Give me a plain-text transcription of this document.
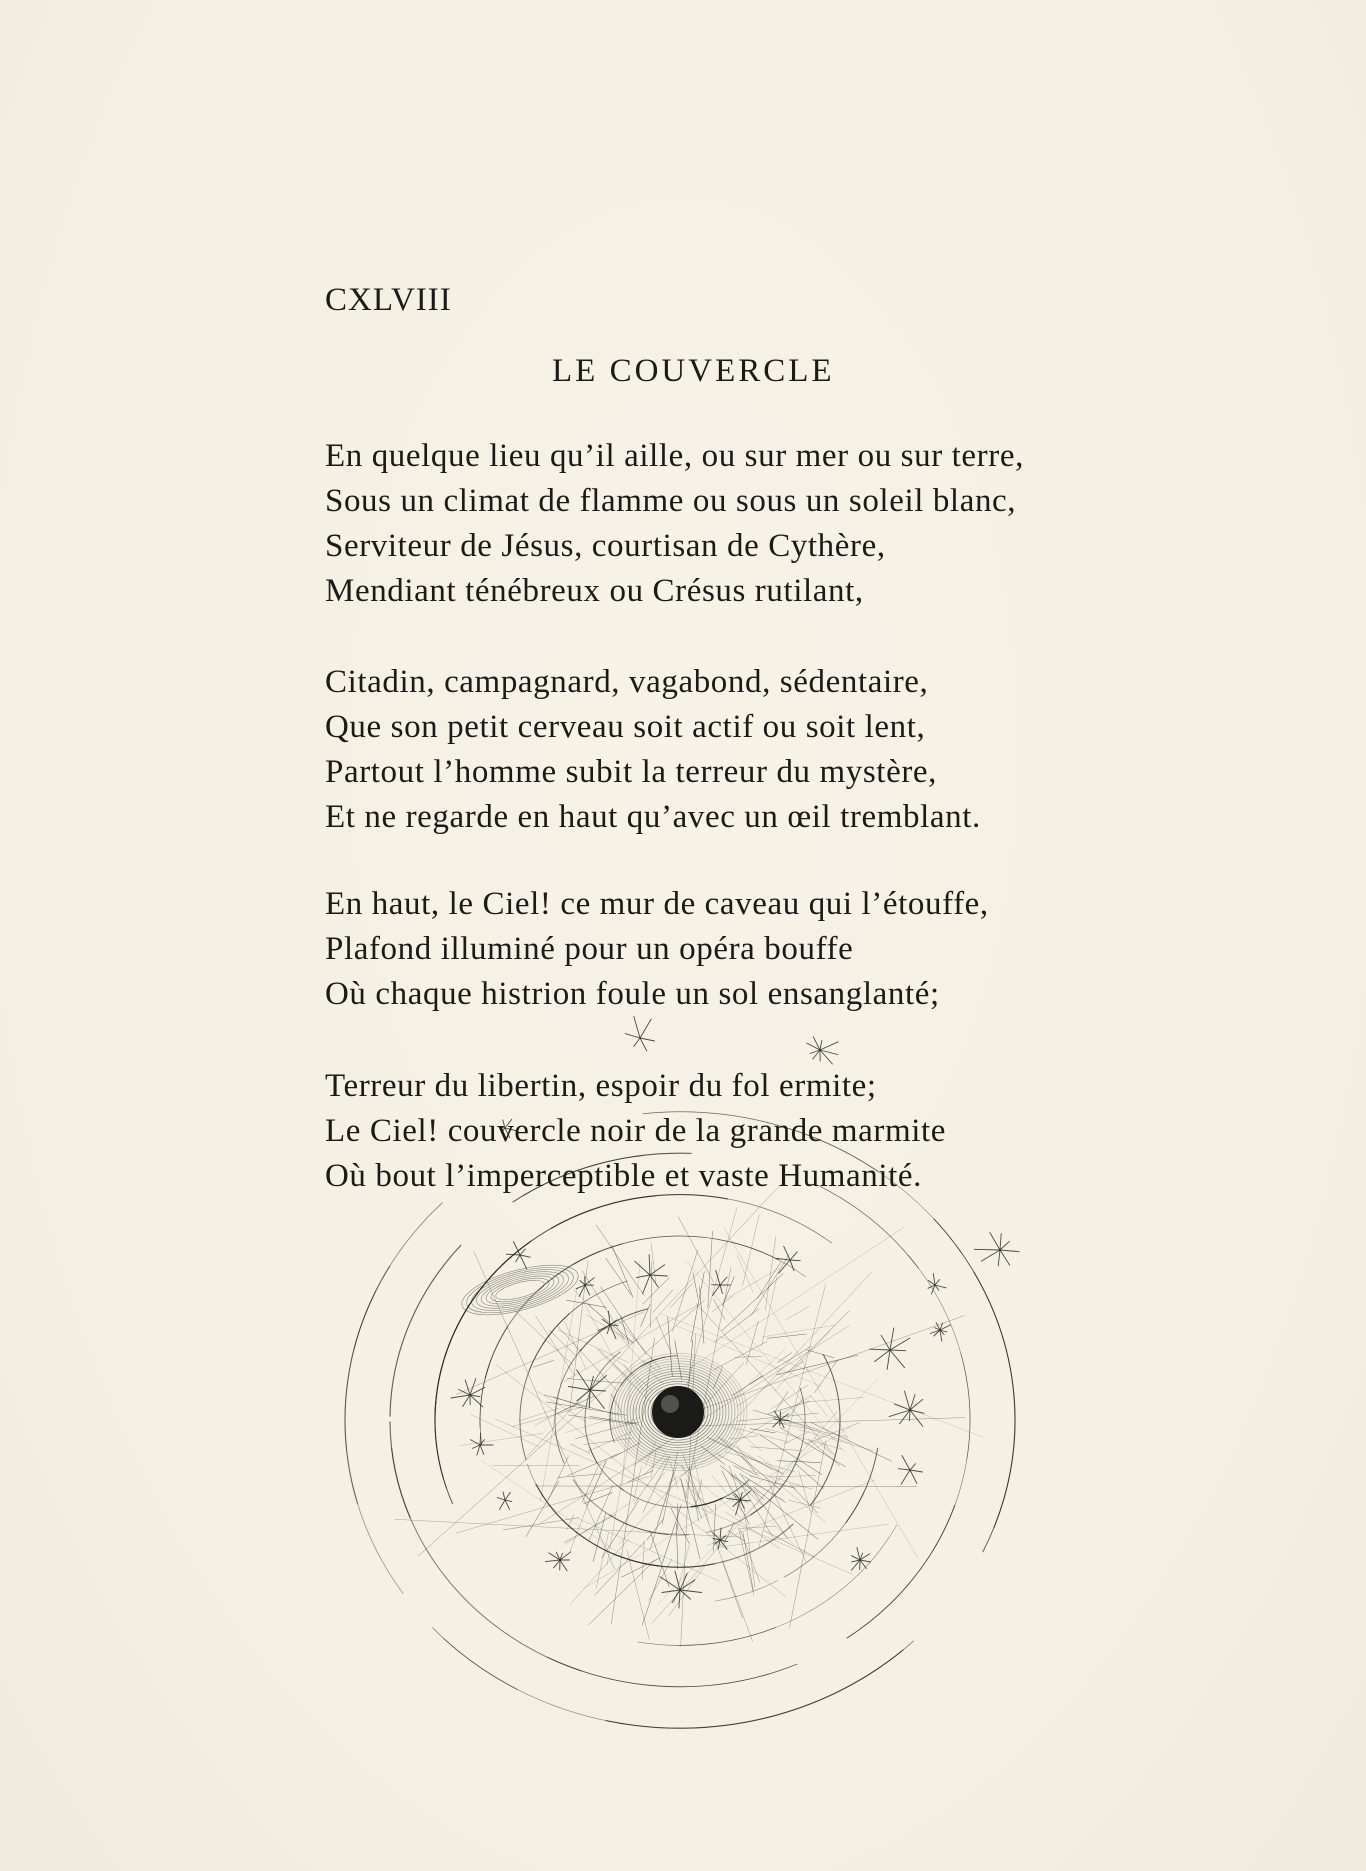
CXLVIII
LE COUVERCLE

En quelque lieu qu’il aille, ou sur mer ou sur terre,
Sous un climat de flamme ou sous un soleil blanc,
Serviteur de Jésus, courtisan de Cythère,
Mendiant ténébreux ou Crésus rutilant,

Citadin, campagnard, vagabond, sédentaire,
Que son petit cerveau soit actif ou soit lent,
Partout l’homme subit la terreur du mystère,
Et ne regarde en haut qu’avec un œil tremblant.

En haut, le Ciel! ce mur de caveau qui l’étouffe,
Plafond illuminé pour un opéra bouffe
Où chaque histrion foule un sol ensanglanté;

Terreur du libertin, espoir du fol ermite;
Le Ciel! couvercle noir de la grande marmite
Où bout l’imperceptible et vaste Humanité.
